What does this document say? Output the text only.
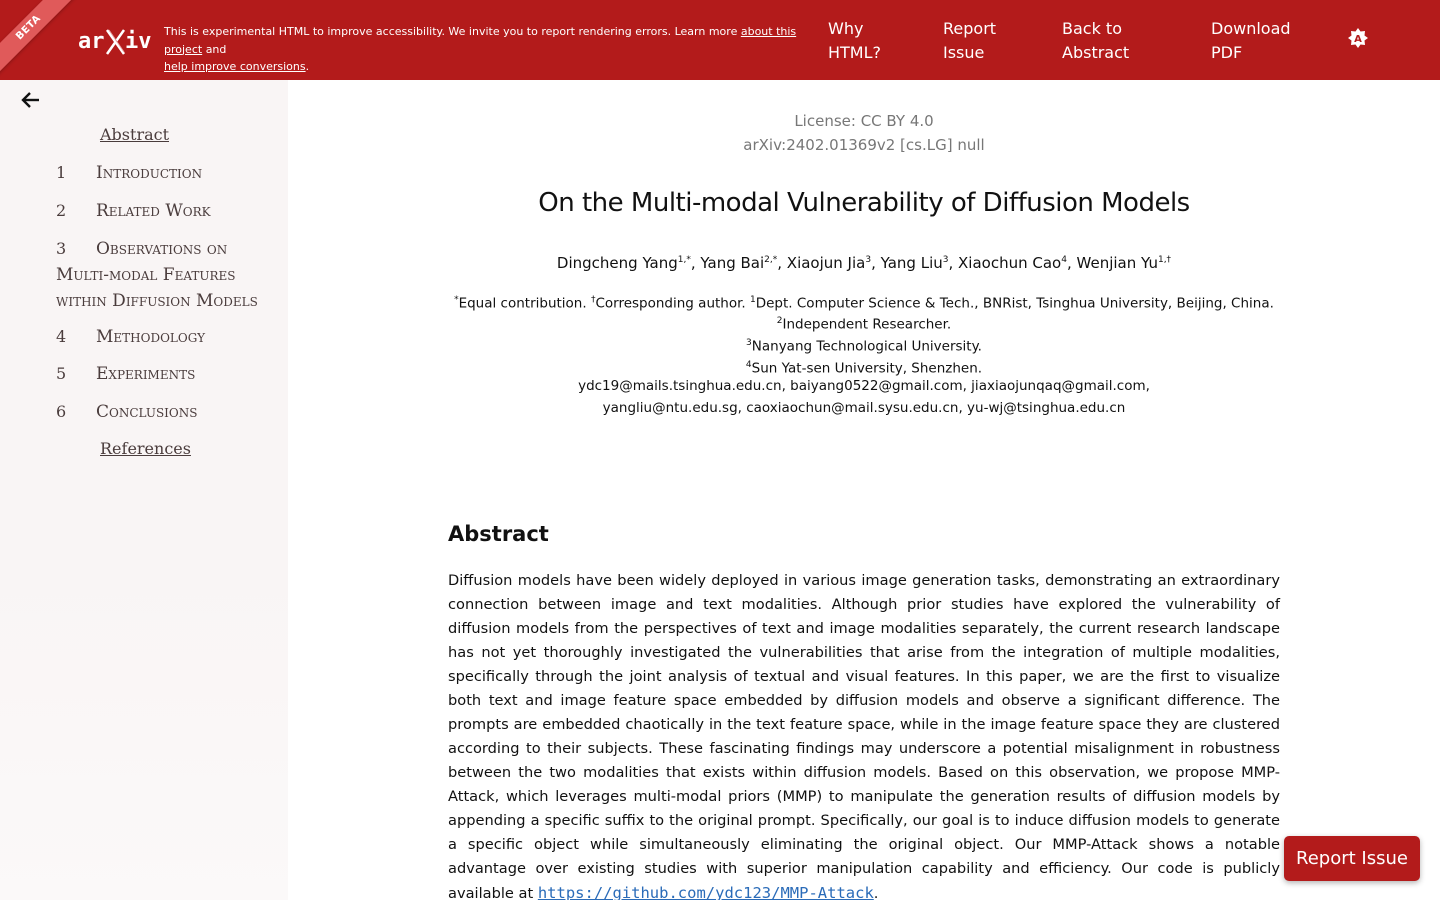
BETA	ar iv This is experimental HTML to improve accessibility. We invite you to report rendering errors. Learn more about this project and
help improve conversions.
Why
HTML?
Report
Issue
Back to
Abstract
Download
PDF
A
Abstract
1 Introduction
2 Related Work
3 Observations on
Multi-modal Features
within Diffusion Models
4 Methodology
5 Experiments
6 Conclusions
References
License: CC BY 4.0
arXiv:2402.01369v2 [cs.LG] null
On the Multi-modal Vulnerability of Diffusion Models
Dingcheng Yang$^{1,*}$, Yang Bai$^{2,*}$, Xiaojun Jia$^3$, Yang Liu$^3$, Xiaochun Cao$^4$, Wenjian $Yu^{1,\dagger}$
*Equal contribution. †Corresponding author. $^1$Dept. Computer Science & Tech., BNRist, Tsinghua University, Beijing, China.
$^2$Independent Researcher.
$^3$Nanyang Technological University.
$^4$Sun Yat-sen University, Shenzhen.
ydc19@mails.tsinghua.edu.cn, baiyang0522@gmail.com, jiaxiaojunqaq@gmail.com,
yangliu@ntu.edu.sg, caoxiaochun@mail.sysu.edu.cn, yu-wj@tsinghua.edu.cn
Abstract

Diffusion models have been widely deployed in various image generation tasks, demonstrating an extraordinary connection between image and text modalities. Although prior studies have explored the vulnerability of diffusion models from the perspectives of text and image modalities separately, the current research landscape has not yet thoroughly investigated the vulnerabilities that arise from the integration of multiple modalities, specifically through the joint analysis of textual and visual features. In this paper, we are the first to visualize both text and image feature space embedded by diffusion models and observe a significant difference. The prompts are embedded chaotically in the text feature space, while in the image feature space they are clustered according to their subjects. These fascinating findings may underscore a potential misalignment in robustness between the two modalities that exists within diffusion models. Based on this observation, we propose MMP-Attack, which leverages multi-modal priors (MMP) to manipulate the generation results of diffusion models by appending a specific suffix to the original prompt. Specifically, our goal is to induce diffusion models to generate a specific object while simultaneously eliminating the original object. Our MMP-Attack shows a notable advantage over existing studies with superior manipulation capability and efficiency. Our code is publicly available at https://github.com/ydc123/MMP-Attack.

Report Issue
